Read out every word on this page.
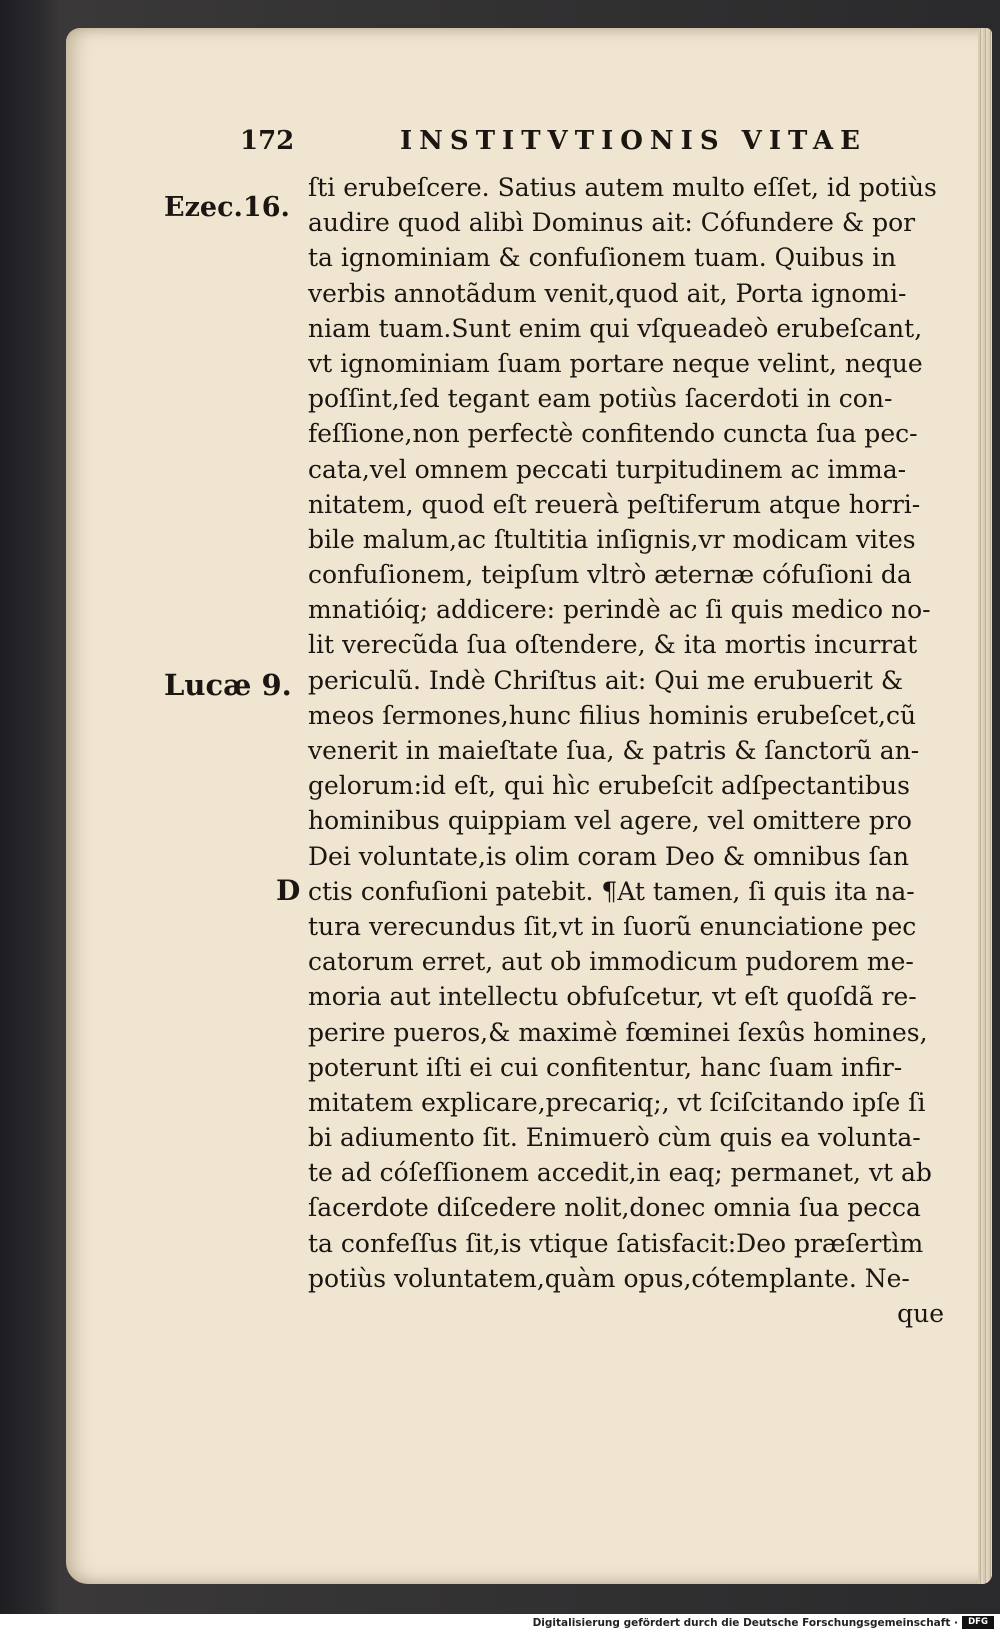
172	INSTITVTIONIS VITAE
Ezec.16.
Lucæ 9.
D
ſti erubeſcere. Satius autem multo eſſet, id potiùs
audire quod alibì Dominus ait: Cófundere & por
ta ignominiam & confuſionem tuam. Quibus in
verbis annotãdum venit,quod ait, Porta ignomi-
niam tuam.Sunt enim qui vſqueadeò erubeſcant,
vt ignominiam ſuam portare neque velint, neque
poſſint,ſed tegant eam potiùs ſacerdoti in con-
feſſione,non perfectè confitendo cuncta ſua pec-
cata,vel omnem peccati turpitudinem ac imma-
nitatem, quod eſt reuerà peſtiferum atque horri-
bile malum,ac ſtultitia inſignis,vr modicam vites
confuſionem, teipſum vltrò æternæ cófuſioni da
mnatióiq; addicere: perindè ac ſi quis medico no-
lit verecũda ſua oſtendere, & ita mortis incurrat
periculũ. Indè Chriſtus ait: Qui me erubuerit &
meos ſermones,hunc filius hominis erubeſcet,cũ
venerit in maieſtate ſua, & patris & ſanctorũ an-
gelorum:id eſt, qui hìc erubeſcit adſpectantibus
hominibus quippiam vel agere, vel omittere pro
Dei voluntate,is olim coram Deo & omnibus ſan
ctis confuſioni patebit. ¶At tamen, ſi quis ita na-
tura verecundus ſit,vt in ſuorũ enunciatione pec
catorum erret, aut ob immodicum pudorem me-
moria aut intellectu obfuſcetur, vt eſt quoſdã re-
perire pueros,& maximè fœminei ſexûs homines,
poterunt iſti ei cui confitentur, hanc ſuam infir-
mitatem explicare,precariq;, vt ſciſcitando ipſe ſi
bi adiumento ſit. Enimuerò cùm quis ea volunta-
te ad cóſeſſionem accedit,in eaq; permanet, vt ab
ſacerdote diſcedere nolit,donec omnia ſua pecca
ta confeſſus ſit,is vtique ſatisfacit:Deo præſertìm
potiùs voluntatem,quàm opus,cótemplante. Ne-
que
Digitalisierung gefördert durch die Deutsche Forschungsgemeinschaft ·	DFG
